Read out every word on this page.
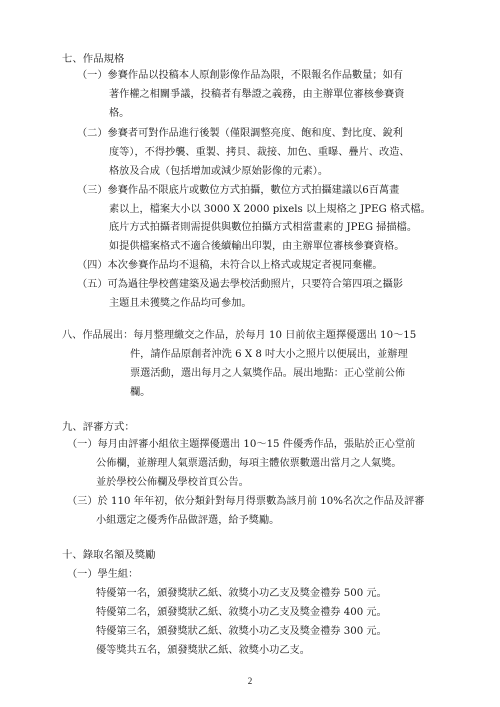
七、作品規格
（一）參賽作品以投稿本人原創影像作品為限，不限報名作品數量；如有
著作權之相關爭議，投稿者有舉證之義務，由主辦單位審核參賽資
格。
（二）參賽者可對作品進行後製（僅限調整亮度、飽和度、對比度、銳利
度等），不得抄襲、重製、拷貝、裁接、加色、重曝、疊片、改造、
格放及合成（包括增加或減少原始影像的元素）。
（三）參賽作品不限底片或數位方式拍攝，數位方式拍攝建議以6百萬畫
素以上，檔案大小以 3000 X 2000 pixels 以上規格之 JPEG 格式檔。
底片方式拍攝者則需提供與數位拍攝方式相當畫素的 JPEG 掃描檔。
如提供檔案格式不適合後續輸出印製，由主辦單位審核參賽資格。
（四）本次參賽作品均不退稿，未符合以上格式或規定者視同棄權。
（五）可為過往學校舊建築及過去學校活動照片，只要符合第四項之攝影
主題且未獲獎之作品均可參加。
八、作品展出：每月整理繳交之作品，於每月 10 日前依主題擇優選出 10～15
件，請作品原創者沖洗 6 X 8 吋大小之照片以便展出，並辦理
票選活動，選出每月之人氣獎作品。展出地點：正心堂前公佈
欄。
九、評審方式：
（一）每月由評審小組依主題擇優選出 10～15 件優秀作品，張貼於正心堂前
公佈欄，並辦理人氣票選活動，每項主體依票數選出當月之人氣獎。
並於學校公佈欄及學校首頁公告。
（三）於 110 年年初，依分類針對每月得票數為該月前 10%名次之作品及評審
小組選定之優秀作品做評選，給予獎勵。
十、錄取名額及獎勵
（一）學生組：
特優第一名，頒發獎狀乙紙、敘獎小功乙支及獎金禮券 500 元。
特優第二名，頒發獎狀乙紙、敘獎小功乙支及獎金禮券 400 元。
特優第三名，頒發獎狀乙紙、敘獎小功乙支及獎金禮券 300 元。
優等獎共五名，頒發獎狀乙紙、敘獎小功乙支。
2
